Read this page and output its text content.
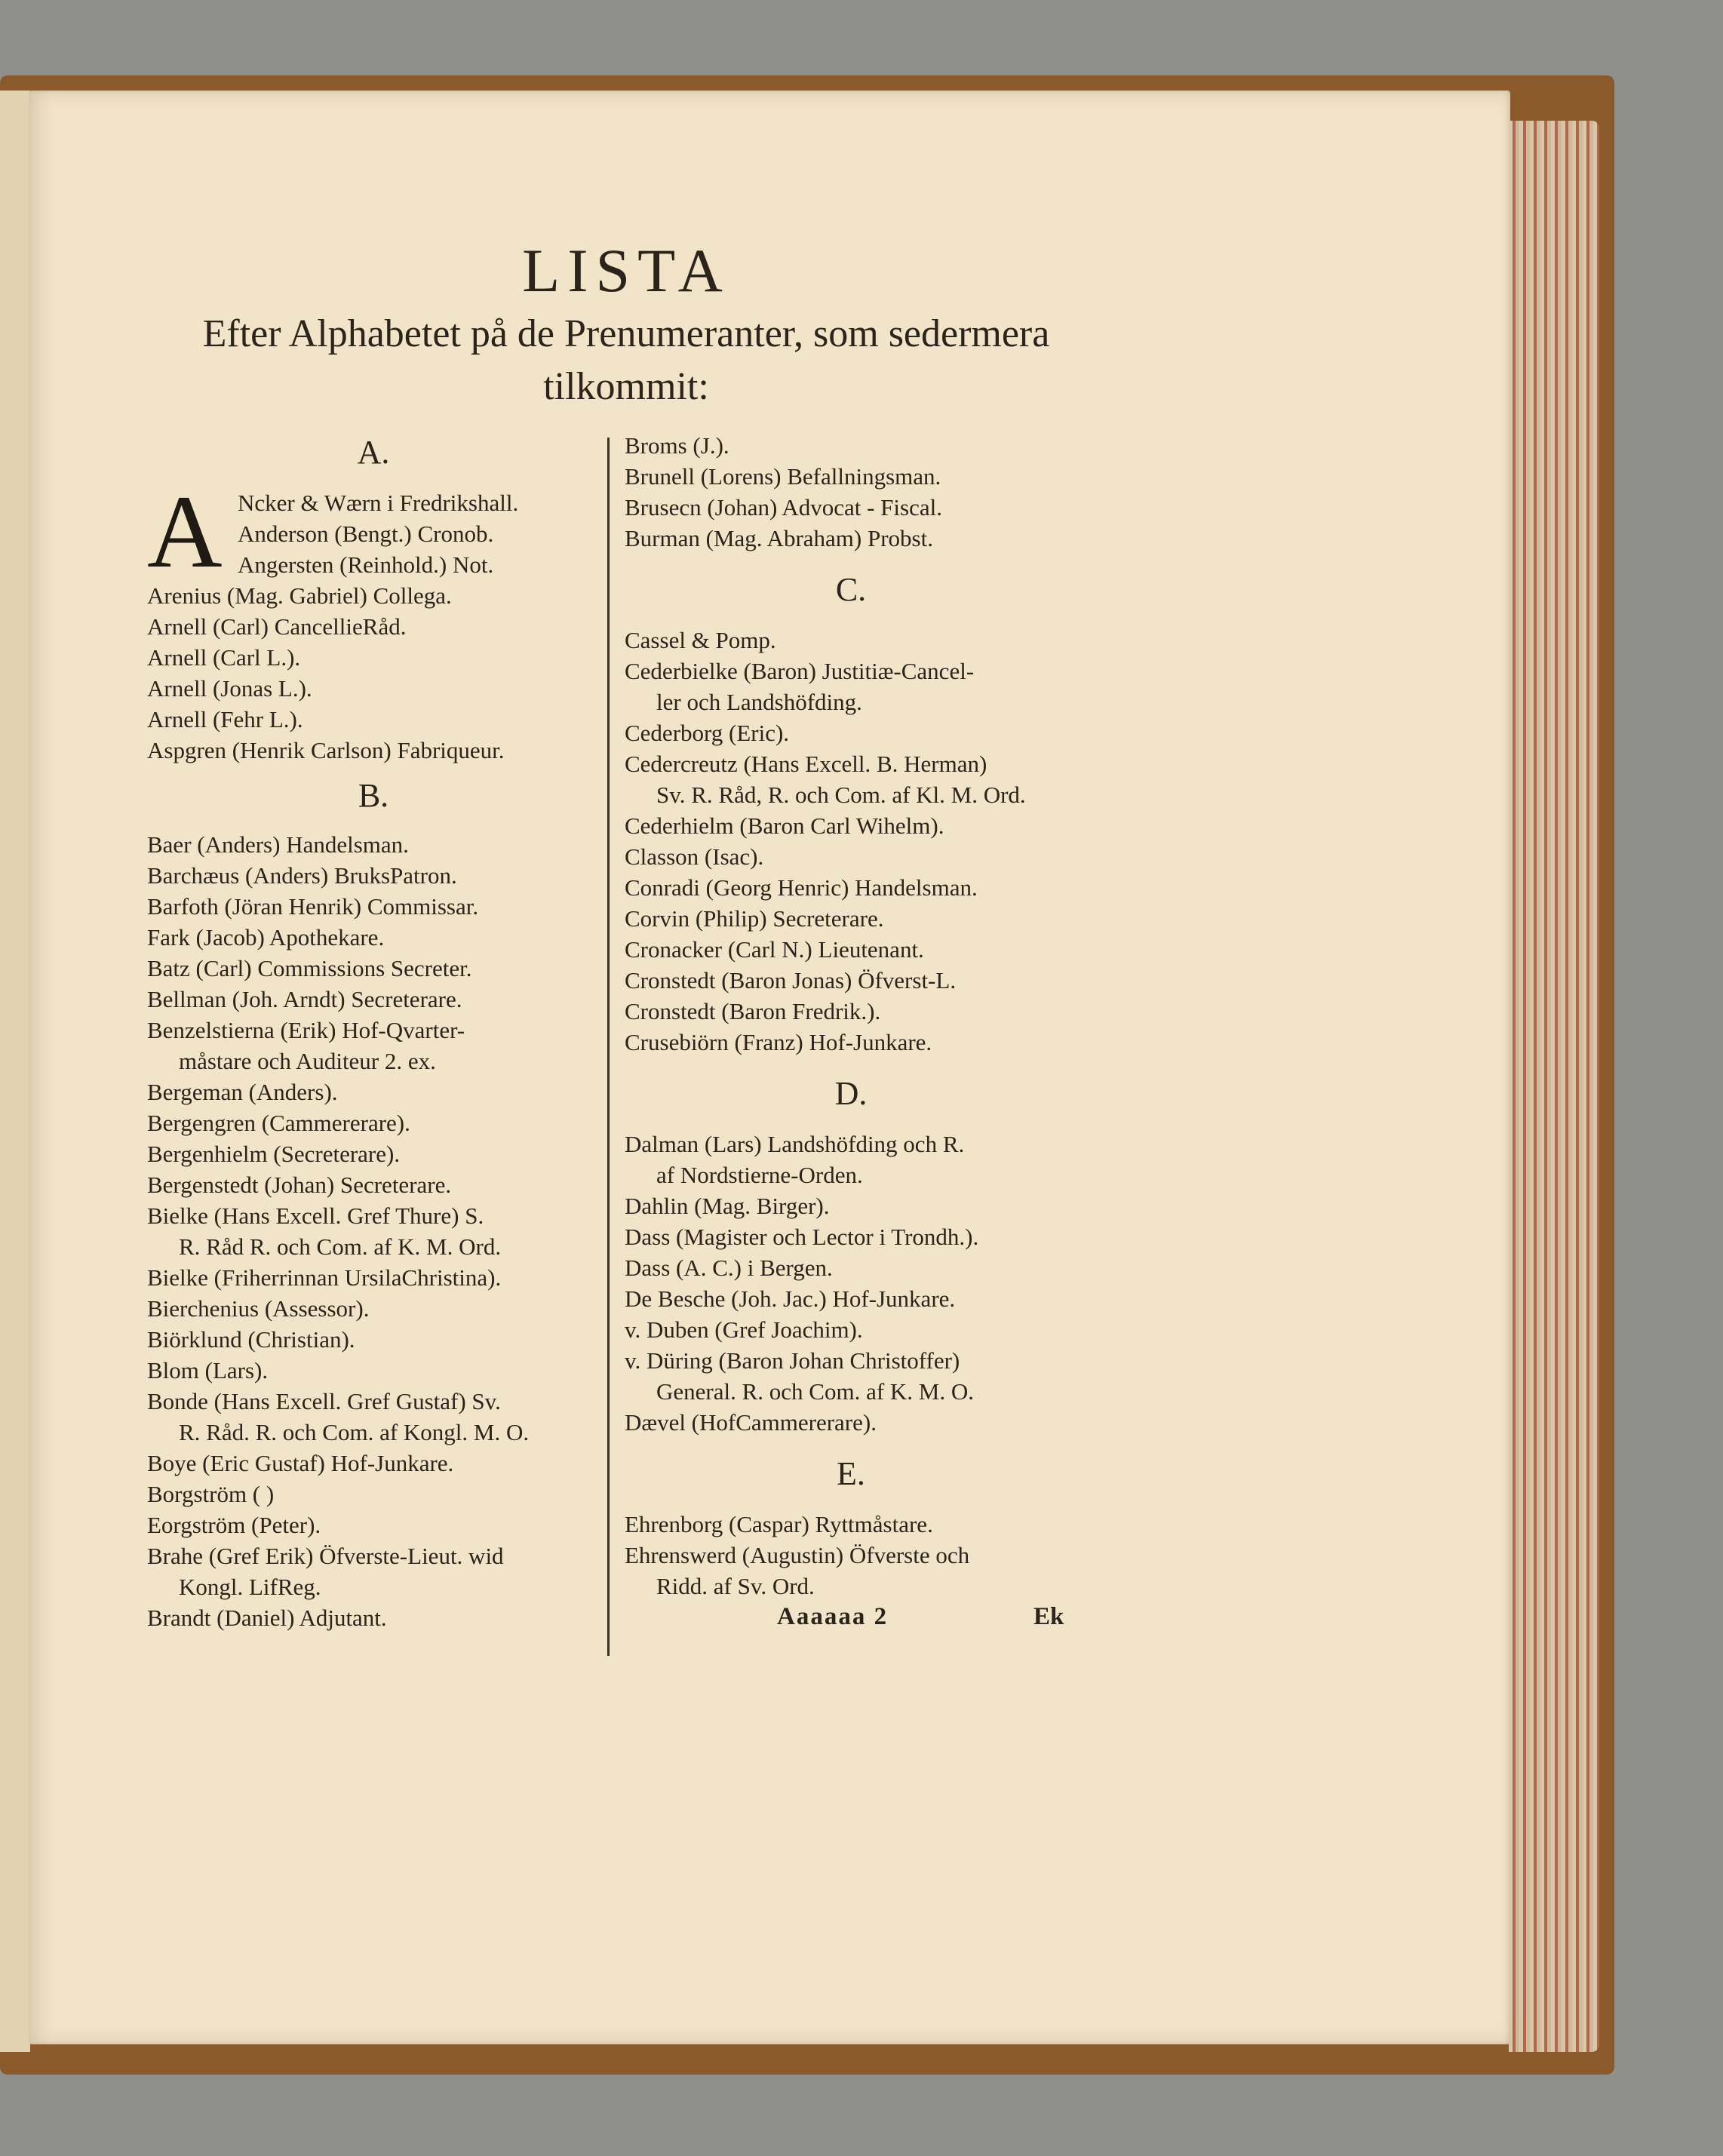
LISTA
Efter Alphabetet på de Prenumeranter, som sedermera tilkommit:
A.
A Ncker & Wærn i Fredrikshall.
Anderson (Bengt.) Cronob.
Angersten (Reinhold.) Not.
Arenius (Mag. Gabriel) Collega.
Arnell (Carl) CancellieRåd.
Arnell (Carl L.).
Arnell (Jonas L.).
Arnell (Fehr L.).
Aspgren (Henrik Carlson) Fabriqueur.
B.
Baer (Anders) Handelsman.
Barchæus (Anders) BruksPatron.
Barfoth (Jöran Henrik) Commissar.
Fark (Jacob) Apothekare.
Batz (Carl) Commissions Secreter.
Bellman (Joh. Arndt) Secreterare.
Benzelstierna (Erik) Hof-Qvarter-
måstare och Auditeur 2. ex.
Bergeman (Anders).
Bergengren (Cammererare).
Bergenhielm (Secreterare).
Bergenstedt (Johan) Secreterare.
Bielke (Hans Excell. Gref Thure) S.
R. Råd R. och Com. af K. M. Ord.
Bielke (Friherrinnan UrsilaChristina).
Bierchenius (Assessor).
Biörklund (Christian).
Blom (Lars).
Bonde (Hans Excell. Gref Gustaf) Sv.
R. Råd. R. och Com. af Kongl. M. O.
Boye (Eric Gustaf) Hof-Junkare.
Borgström ( )
Eorgström (Peter).
Brahe (Gref Erik) Öfverste-Lieut. wid
Kongl. LifReg.
Brandt (Daniel) Adjutant.
Broms (J.).
Brunell (Lorens) Befallningsman.
Brusecn (Johan) Advocat - Fiscal.
Burman (Mag. Abraham) Probst.
C.
Cassel & Pomp.
Cederbielke (Baron) Justitiæ-Cancel-
ler och Landshöfding.
Cederborg (Eric).
Cedercreutz (Hans Excell. B. Herman)
Sv. R. Råd, R. och Com. af Kl. M. Ord.
Cederhielm (Baron Carl Wihelm).
Classon (Isac).
Conradi (Georg Henric) Handelsman.
Corvin (Philip) Secreterare.
Cronacker (Carl N.) Lieutenant.
Cronstedt (Baron Jonas) Öfverst-L.
Cronstedt (Baron Fredrik.).
Crusebiörn (Franz) Hof-Junkare.
D.
Dalman (Lars) Landshöfding och R.
af Nordstierne-Orden.
Dahlin (Mag. Birger).
Dass (Magister och Lector i Trondh.).
Dass (A. C.) i Bergen.
De Besche (Joh. Jac.) Hof-Junkare.
v. Duben (Gref Joachim).
v. Düring (Baron Johan Christoffer)
General. R. och Com. af K. M. O.
Dævel (HofCammererare).
E.
Ehrenborg (Caspar) Ryttmåstare.
Ehrenswerd (Augustin) Öfverste och
Ridd. af Sv. Ord.
Aaaaaa 2	Ek
